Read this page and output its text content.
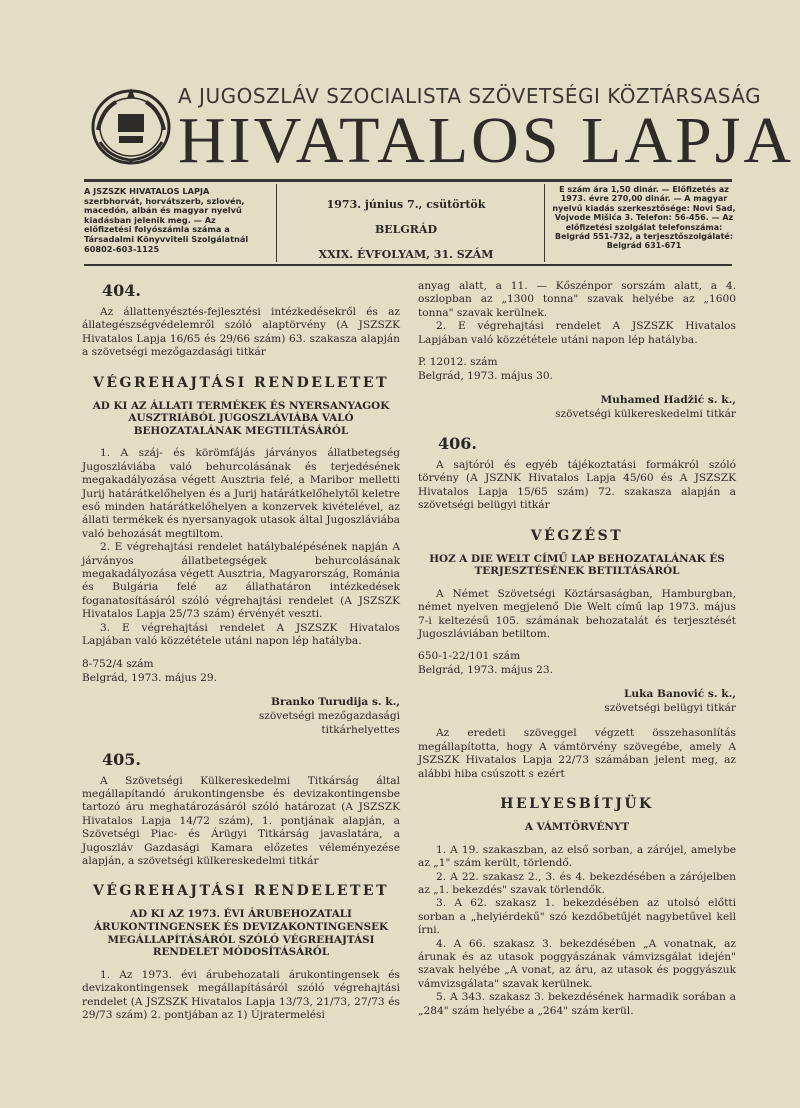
A JUGOSZLÁV SZOCIALISTA SZÖVETSÉGI KÖZTÁRSASÁG
HIVATALOS LAPJA
A JSZSZK HIVATALOS LAPJA szerbhorvát, horvátszerb, szlovén, macedón, albán és magyar nyelvű kiadásban jelenik meg. — Az előfizetési folyószámla száma a Társadalmi Könyvviteli Szolgálatnál 60802-603-1125
1973. június 7., csütörtök
BELGRÁD
XXIX. ÉVFOLYAM, 31. SZÁM
E szám ára 1,50 dinár. — Előfizetés az 1973. évre 270,00 dinár. — A magyar nyelvű kiadás szerkesztősége: Novi Sad, Vojvode Mišića 3. Telefon: 56-456. — Az előfizetési szolgálat telefonszáma: Belgrád 551-732, a terjesztőszolgálaté: Belgrád 631-671
404.

Az állattenyésztés-fejlesztési intézkedésekről és az állategészségvédelemről szóló alaptörvény (A JSZSZK Hivatalos Lapja 16/65 és 29/66 szám) 63. szakasza alapján a szövetségi mezőgazdasági titkár

VÉGREHAJTÁSI RENDELETET
AD KI AZ ÁLLATI TERMÉKEK ÉS NYERSANYAGOK AUSZTRIÁBÓL JUGOSZLÁVIÁBA VALÓ BEHOZATALÁNAK MEGTILTÁSÁRÓL

1. A száj- és körömfájás járványos állatbetegség Jugoszláviába való behurcolásának és terjedésének megakadályozása végett Ausztria felé, a Maribor melletti Jurij határátkelőhelyen és a Jurij határátkelőhelytől keletre eső minden határátkelőhelyen a konzervek kivételével, az állati termékek és nyersanyagok utasok által Jugoszláviába való behozását megtiltom.

2. E végrehajtási rendelet hatálybalépésének napján A járványos állatbetegségek behurcolásának megakadályozása végett Ausztria, Magyarország, Románia és Bulgária felé az állathatáron intézkedések foganatosításáról szóló végrehajtási rendelet (A JSZSZK Hivatalos Lapja 25/73 szám) érvényét veszti.

3. E végrehajtási rendelet A JSZSZK Hivatalos Lapjában való közzététele utáni napon lép hatályba.

8-752/4 szám
Belgrád, 1973. május 29.
Branko Turudija s. k.,
szövetségi mezőgazdasági
titkárhelyettes
405.

A Szövetségi Külkereskedelmi Titkárság által megállapítandó árukontingensbe és devizakontingensbe tartozó áru meghatározásáról szóló határozat (A JSZSZK Hivatalos Lapja 14/72 szám), 1. pontjának alapján, a Szövetségi Piac- és Árügyi Titkárság javaslatára, a Jugoszláv Gazdasági Kamara előzetes véleményezése alapján, a szövetségi külkereskedelmi titkár

VÉGREHAJTÁSI RENDELETET
AD KI AZ 1973. ÉVI ÁRUBEHOZATALI ÁRUKONTINGENSEK ÉS DEVIZAKONTINGENSEK MEGÁLLAPÍTÁSÁRÓL SZÓLÓ VÉGREHAJTÁSI RENDELET MÓDOSÍTÁSÁRÓL

1. Az 1973. évi árubehozatali árukontingensek és devizakontingensek megállapításáról szóló végrehajtási rendelet (A JSZSZK Hivatalos Lapja 13/73, 21/73, 27/73 és 29/73 szám) 2. pontjában az 1) Újratermelési

anyag alatt, a 11. — Kőszénpor sorszám alatt, a 4. oszlopban az „1300 tonna" szavak helyébe az „1600 tonna" szavak kerülnek.

2. E végrehajtási rendelet A JSZSZK Hivatalos Lapjában való közzététele utáni napon lép hatályba.

P. 12012. szám
Belgrád, 1973. május 30.
Muhamed Hadžić s. k.,
szövetségi külkereskedelmi titkár
406.

A sajtóról és egyéb tájékoztatási formákról szóló törvény (A JSZNK Hivatalos Lapja 45/60 és A JSZSZK Hivatalos Lapja 15/65 szám) 72. szakasza alapján a szövetségi belügyi titkár

VÉGZÉST
HOZ A DIE WELT CÍMŰ LAP BEHOZATALÁNAK ÉS TERJESZTÉSÉNEK BETILTÁSÁRÓL

A Német Szövetségi Köztársaságban, Hamburgban, német nyelven megjelenő Die Welt című lap 1973. május 7-i keltezésű 105. számának behozatalát és terjesztését Jugoszláviában betiltom.

650-1-22/101 szám
Belgrád, 1973. május 23.
Luka Banović s. k.,
szövetségi belügyi titkár

Az eredeti szöveggel végzett összehasonlítás megállapította, hogy A vámtörvény szövegébe, amely A JSZSZK Hivatalos Lapja 22/73 számában jelent meg, az alábbi hiba csúszott s ezért

HELYESBÍTJÜK
A VÁMTÖRVÉNYT

1. A 19. szakaszban, az első sorban, a zárójel, amelybe az „1" szám került, törlendő.

2. A 22. szakasz 2., 3. és 4. bekezdésében a zárójelben az „1. bekezdés" szavak törlendők.

3. A 62. szakasz 1. bekezdésében az utolsó előtti sorban a „helyiérdekű" szó kezdőbetűjét nagybetűvel kell írni.

4. A 66. szakasz 3. bekezdésében „A vonatnak, az árunak és az utasok poggyászának vámvizsgálat idején" szavak helyébe „A vonat, az áru, az utasok és poggyászuk vámvizsgálata" szavak kerülnek.

5. A 343. szakasz 3. bekezdésének harmadik sorában a „284" szám helyébe a „264" szám kerül.
